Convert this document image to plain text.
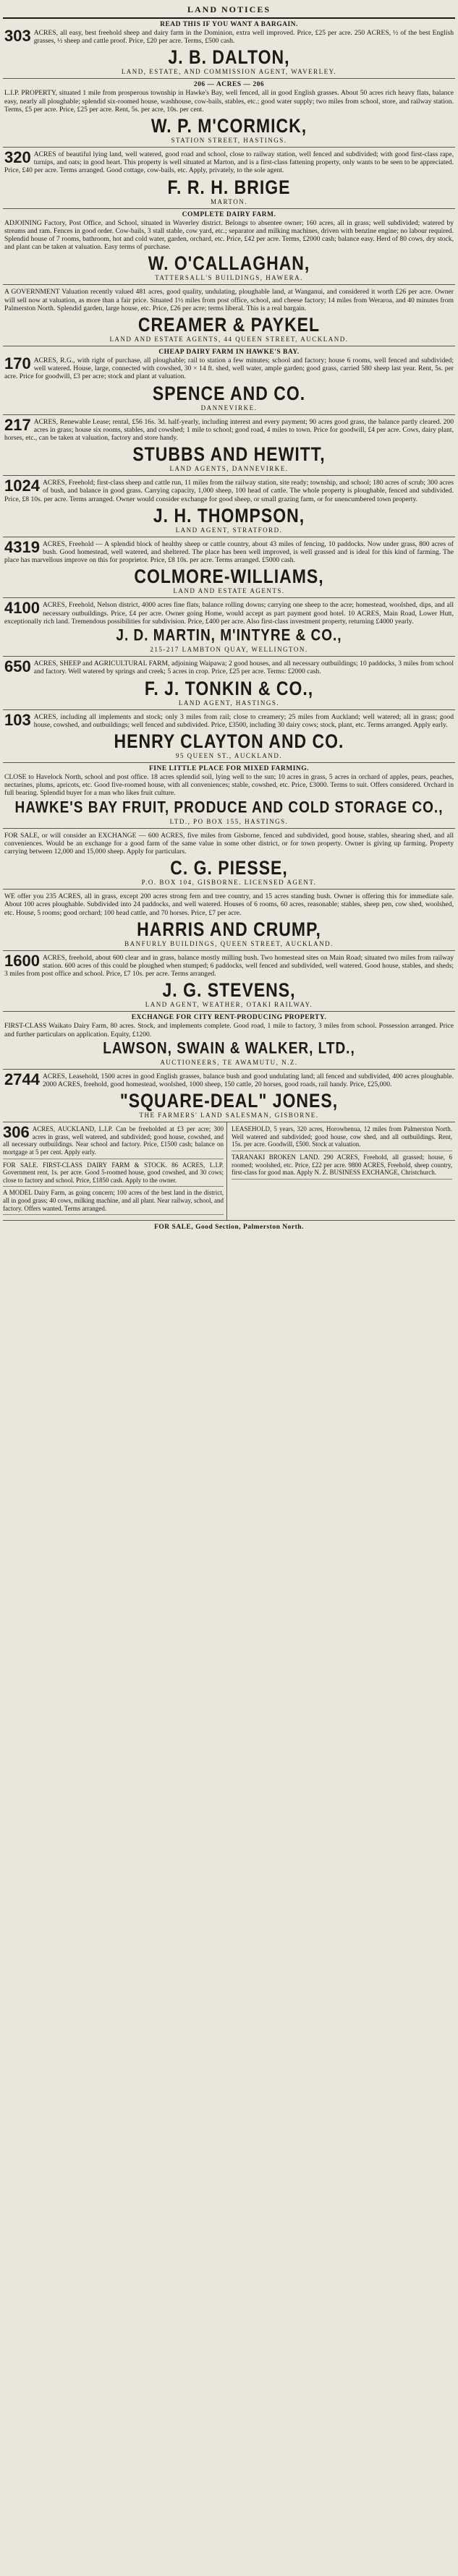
LAND NOTICES
READ THIS IF YOU WANT A BARGAIN.
303 ACRES, all easy, best freehold sheep and dairy farm in the Dominion, extra well improved. Price, £25 per acre. 250 ACRES, ½ of the best English grasses, ½ sheep and cattle proof. Price, £20 per acre. Terms, £500 cash.
J. B. DALTON,
LAND, ESTATE, AND COMMISSION AGENT, WAVERLEY.
206 — ACRES — 206
L.I.P. PROPERTY, situated 1 mile from prosperous township in Hawke's Bay, well fenced, all in good English grasses. About 50 acres rich heavy flats, balance easy, nearly all ploughable; splendid six-roomed house, washhouse, cow-bails, stables, etc.; good water supply; two miles from school, store, and railway station. Terms, £5 per acre. Price, £25 per acre. Rent, 5s. per acre, 10s. per cent.
W. P. M'CORMICK,
STATION STREET, HASTINGS.
320 ACRES of beautiful lying land, well watered, good road and school, close to railway station, well fenced and subdivided; with good first-class rape, turnips, and oats; in good heart. This property is well situated at Marton, and is a first-class fattening property, only wants to be seen to be appreciated. Price, £40 per acre. Terms arranged. Good cottage, cow-bails, etc. Apply, privately, to the sole agent.
F. R. H. BRIGE
MARTON.
COMPLETE DAIRY FARM.
ADJOINING Factory, Post Office, and School, situated in Waverley district. Belongs to absentee owner; 160 acres, all in grass; well subdivided; watered by streams and ram. Fences in good order. Cow-bails, 3 stall stable, cow yard, etc.; separator and milking machines, driven with benzine engine; no labour required. Splendid house of 7 rooms, bathroom, hot and cold water, garden, orchard, etc. Price, £42 per acre. Terms, £2000 cash; balance easy. Herd of 80 cows, dry stock, and plant can be taken at valuation. Easy terms of purchase.
W. O'CALLAGHAN,
TATTERSALL'S BUILDINGS, HAWERA.
A GOVERNMENT Valuation recently valued 481 acres, good quality, undulating, ploughable land, at Wanganui, and considered it worth £26 per acre. Owner will sell now at valuation, as more than a fair price. Situated 1½ miles from post office, school, and cheese factory; 14 miles from Weraroa, and 40 minutes from Palmerston North. Splendid garden, large house, etc. Price, £26 per acre; terms liberal. This is a real bargain.
CREAMER & PAYKEL
LAND AND ESTATE AGENTS, 44 QUEEN STREET, AUCKLAND.
CHEAP DAIRY FARM IN HAWKE'S BAY.
170 ACRES, R.G., with right of purchase, all ploughable; rail to station a few minutes; school and factory; house 6 rooms, well fenced and subdivided; well watered. House, large, connected with cowshed, 30 × 14 ft. shed, well water, ample garden; good grass, carried 580 sheep last year. Rent, 5s. per acre. Price for goodwill, £3 per acre; stock and plant at valuation.
SPENCE AND CO.
DANNEVIRKE.
217 ACRES, Renewable Lease; rental, £56 16s. 3d. half-yearly, including interest and every payment; 90 acres good grass, the balance partly cleared. 200 acres in grass; house six rooms, stables, and cowshed; 1 mile to school; good road, 4 miles to town. Price for goodwill, £4 per acre. Cows, dairy plant, horses, etc., can be taken at valuation, factory and store handy.
STUBBS AND HEWITT,
LAND AGENTS, DANNEVIRKE.
1024 ACRES, Freehold; first-class sheep and cattle run, 11 miles from the railway station, site ready; township, and school; 180 acres of scrub; 300 acres of bush, and balance in good grass. Carrying capacity, 1,000 sheep, 100 head of cattle. The whole property is ploughable, fenced and subdivided. Price, £8 10s. per acre. Terms arranged. Owner would consider exchange for good sheep, or small grazing farm, or for unencumbered town property.
J. H. THOMPSON,
LAND AGENT, STRATFORD.
4319 ACRES, Freehold — A splendid block of healthy sheep or cattle country, about 43 miles of fencing, 10 paddocks. Now under grass, 800 acres of bush. Good homestead, well watered, and sheltered. The place has been well improved, is well grassed and is ideal for this kind of farming. The place has marvellous improve on this for proprietor. Price, £8 10s. per acre. Terms arranged. £5000 cash.
COLMORE-WILLIAMS,
LAND AND ESTATE AGENTS.
4100 ACRES, Freehold, Nelson district, 4000 acres fine flats, balance rolling downs; carrying one sheep to the acre; homestead, woolshed, dips, and all necessary outbuildings. Price, £4 per acre. Owner going Home, would accept as part payment good hotel. 10 ACRES, Main Road, Lower Hutt, exceptionally rich land. Tremendous possibilities for subdivision. Price, £400 per acre. Also first-class investment property, returning £4000 yearly.
J. D. MARTIN, M'INTYRE & CO.,
215-217 LAMBTON QUAY, WELLINGTON.
650 ACRES, SHEEP and AGRICULTURAL FARM, adjoining Waipawa; 2 good houses, and all necessary outbuildings; 10 paddocks, 3 miles from school and factory. Well watered by springs and creek; 5 acres in crop. Price, £25 per acre. Terms: £2000 cash.
F. J. TONKIN & CO.,
LAND AGENT, HASTINGS.
103 ACRES, including all implements and stock; only 3 miles from rail; close to creamery; 25 miles from Auckland; well watered; all in grass; good house, cowshed, and outbuildings; well fenced and subdivided. Price, £3500, including 30 dairy cows; stock, plant, etc. Terms arranged. Apply early.
HENRY CLAYTON AND CO.
95 QUEEN ST., AUCKLAND.
FINE LITTLE PLACE FOR MIXED FARMING.
CLOSE to Havelock North, school and post office. 18 acres splendid soil, lying well to the sun; 10 acres in grass, 5 acres in orchard of apples, pears, peaches, nectarines, plums, apricots, etc. Good five-roomed house, with all conveniences; stable, cowshed, etc. Price, £3000. Terms to suit. Offers considered. Orchard in full bearing. Splendid buyer for a man who likes fruit culture.
HAWKE'S BAY FRUIT, PRODUCE AND COLD STORAGE CO.,
LTD., PO BOX 155, HASTINGS.
FOR SALE, or will consider an EXCHANGE — 600 ACRES, five miles from Gisborne, fenced and subdivided, good house, stables, shearing shed, and all conveniences. Would be an exchange for a good farm of the same value in some other district, or for town property. Owner is giving up farming. Property carrying between 12,000 and 15,000 sheep. Apply for particulars.
C. G. PIESSE,
P.O. BOX 104, GISBORNE. LICENSED AGENT.
WE offer you 235 ACRES, all in grass, except 200 acres strong fern and tree country, and 15 acres standing bush. Owner is offering this for immediate sale. About 100 acres ploughable. Subdivided into 24 paddocks, and well watered. Houses of 6 rooms, 60 acres, reasonable; stables, sheep pen, cow shed, woolshed, etc. House, 5 rooms; good orchard; 100 head cattle, and 70 horses. Price, £7 per acre.
HARRIS AND CRUMP,
BANFURLY BUILDINGS, QUEEN STREET, AUCKLAND.
1600 ACRES, freehold, about 600 clear and in grass, balance mostly milling bush. Two homestead sites on Main Road; situated two miles from railway station. 600 acres of this could be ploughed when stumped; 6 paddocks, well fenced and subdivided, well watered. Good house, stables, and sheds; 3 miles from post office and school. Price, £7 10s. per acre. Terms arranged.
J. G. STEVENS,
LAND AGENT, WEATHER, OTAKI RAILWAY.
EXCHANGE FOR CITY RENT-PRODUCING PROPERTY.
FIRST-CLASS Waikato Dairy Farm, 80 acres. Stock, and implements complete. Good road, 1 mile to factory, 3 miles from school. Possession arranged. Price and further particulars on application. Equity, £1200.
LAWSON, SWAIN & WALKER, LTD.,
AUCTIONEERS, TE AWAMUTU, N.Z.
2744 ACRES, Leasehold, 1500 acres in good English grasses, balance bush and good undulating land; all fenced and subdivided, 400 acres ploughable. 2000 ACRES, freehold, good homestead, woolshed, 1000 sheep, 150 cattle, 20 horses, good roads, rail handy. Price, £25,000.
"SQUARE-DEAL" JONES,
THE FARMERS' LAND SALESMAN, GISBORNE.
306 ACRES, AUCKLAND, L.I.P. Can be freeholded at £3 per acre; 300 acres in grass, well watered, and subdivided; good house, cowshed, and all necessary outbuildings. Near school and factory. Price, £1500 cash; balance on mortgage at 5 per cent. Apply early.
FOR SALE. FIRST-CLASS DAIRY FARM & STOCK. 86 ACRES, L.I.P. Government rent, 1s. per acre. Good 5-roomed house, good cowshed, and 30 cows; close to factory and school. Price, £1850 cash. Apply to the owner.
A MODEL Dairy Farm, as going concern; 100 acres of the best land in the district, all in good grass; 40 cows, milking machine, and all plant. Near railway, school, and factory. Offers wanted. Terms arranged.
LEASEHOLD, 5 years, 320 acres, Horowhenua, 12 miles from Palmerston North. Well watered and subdivided; good house, cow shed, and all outbuildings. Rent, 15s. per acre. Goodwill, £500. Stock at valuation.
TARANAKI BROKEN LAND. 290 ACRES, Freehold, all grassed; house, 6 roomed; woolshed, etc. Price, £22 per acre. 9800 ACRES, Freehold, sheep country, first-class for good man. Apply N. Z. BUSINESS EXCHANGE, Christchurch.
FOR SALE, Good Section, Palmerston North.
